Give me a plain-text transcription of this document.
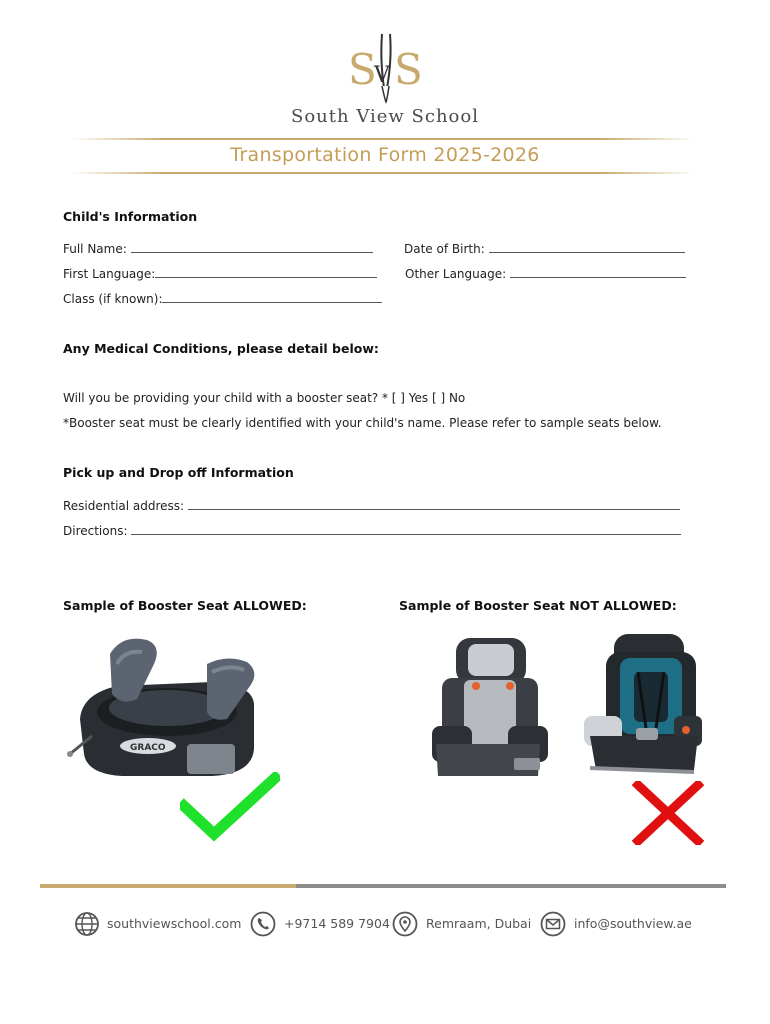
S S
V
South View School
Transportation Form 2025-2026
Child's Information
Full Name:	Date of Birth:
First Language:	Other Language:
Class (if known):
Any Medical Conditions, please detail below:
Will you be providing your child with a booster seat? * [ ] Yes [ ] No
*Booster seat must be clearly identified with your child's name. Please refer to sample seats below.
Pick up and Drop off Information
Residential address:
Directions:
Sample of Booster Seat ALLOWED:	Sample of Booster Seat NOT ALLOWED:
GRACO
southviewschool.com	+9714 589 7904	Remraam, Dubai	info@southview.ae
